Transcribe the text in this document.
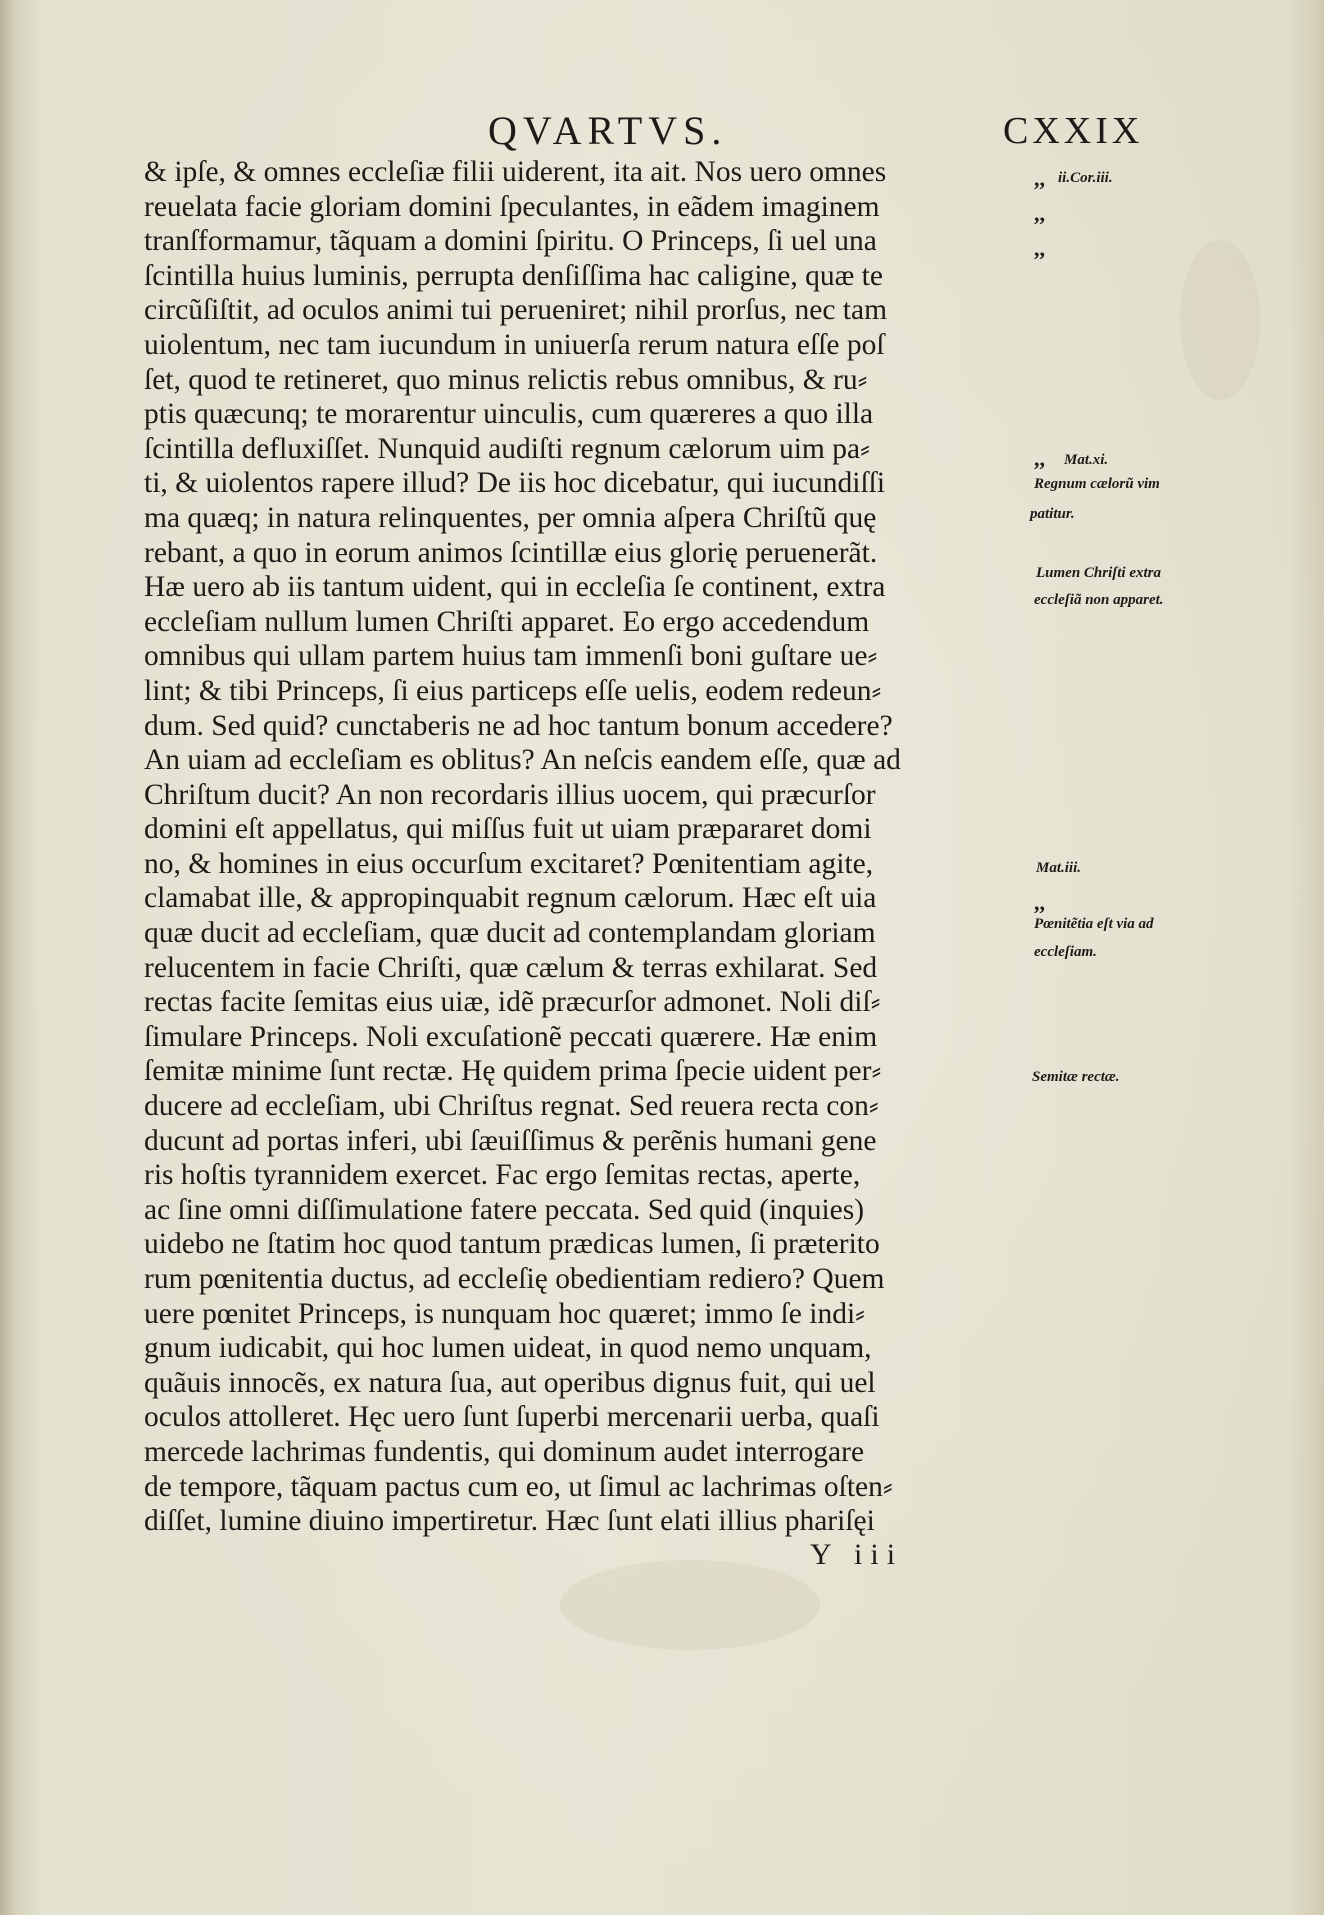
QVARTVS.	CXXIX
& ipſe, & omnes eccleſiæ filii uiderent, ita ait. Nos uero omnes
reuelata facie gloriam domini ſpeculantes, in eãdem imaginem
tranſformamur, tãquam a domini ſpiritu. O Princeps, ſi uel una
ſcintilla huius luminis, perrupta denſiſſima hac caligine, quæ te
circũſiſtit, ad oculos animi tui perueniret; nihil prorſus, nec tam
uiolentum, nec tam iucundum in uniuerſa rerum natura eſſe poſ
ſet, quod te retineret, quo minus relictis rebus omnibus, & ru⸗
ptis quæcunq; te morarentur uinculis, cum quæreres a quo illa
ſcintilla defluxiſſet. Nunquid audiſti regnum cælorum uim pa⸗
ti, & uiolentos rapere illud? De iis hoc dicebatur, qui iucundiſſi
ma quæq; in natura relinquentes, per omnia aſpera Chriſtũ quę
rebant, a quo in eorum animos ſcintillæ eius glorię peruenerãt.
Hæ uero ab iis tantum uident, qui in eccleſia ſe continent, extra
eccleſiam nullum lumen Chriſti apparet. Eo ergo accedendum
omnibus qui ullam partem huius tam immenſi boni guſtare ue⸗
lint; & tibi Princeps, ſi eius particeps eſſe uelis, eodem redeun⸗
dum. Sed quid? cunctaberis ne ad hoc tantum bonum accedere?
An uiam ad eccleſiam es oblitus? An neſcis eandem eſſe, quæ ad
Chriſtum ducit? An non recordaris illius uocem, qui præcurſor
domini eſt appellatus, qui miſſus fuit ut uiam præpararet domi
no, & homines in eius occurſum excitaret? Pœnitentiam agite,
clamabat ille, & appropinquabit regnum cælorum. Hæc eſt uia
quæ ducit ad eccleſiam, quæ ducit ad contemplandam gloriam
relucentem in facie Chriſti, quæ cælum & terras exhilarat. Sed
rectas facite ſemitas eius uiæ, idẽ præcurſor admonet. Noli diſ⸗
ſimulare Princeps. Noli excuſationẽ peccati quærere. Hæ enim
ſemitæ minime ſunt rectæ. Hę quidem prima ſpecie uident per⸗
ducere ad eccleſiam, ubi Chriſtus regnat. Sed reuera recta con⸗
ducunt ad portas inferi, ubi ſæuiſſimus & perẽnis humani gene
ris hoſtis tyrannidem exercet. Fac ergo ſemitas rectas, aperte,
ac ſine omni diſſimulatione fatere peccata. Sed quid (inquies)
uidebo ne ſtatim hoc quod tantum prædicas lumen, ſi præterito
rum pœnitentia ductus, ad eccleſię obedientiam rediero? Quem
uere pœnitet Princeps, is nunquam hoc quæret; immo ſe indi⸗
gnum iudicabit, qui hoc lumen uideat, in quod nemo unquam,
quãuis innocẽs, ex natura ſua, aut operibus dignus fuit, qui uel
oculos attolleret. Hęc uero ſunt ſuperbi mercenarii uerba, quaſi
mercede lachrimas fundentis, qui dominum audet interrogare
de tempore, tãquam pactus cum eo, ut ſimul ac lachrimas oſten⸗
diſſet, lumine diuino impertiretur. Hæc ſunt elati illius phariſęi
Y iii
,, ii.Cor.iii.
,,
,,
,, Mat.xi.
Regnum cælorũ vim
patitur.
Lumen Chriſti extra
eccleſiã non apparet.
Mat.iii.
,,
Pœnitẽtia eſt via ad
eccleſiam.
Semitæ rectæ.
